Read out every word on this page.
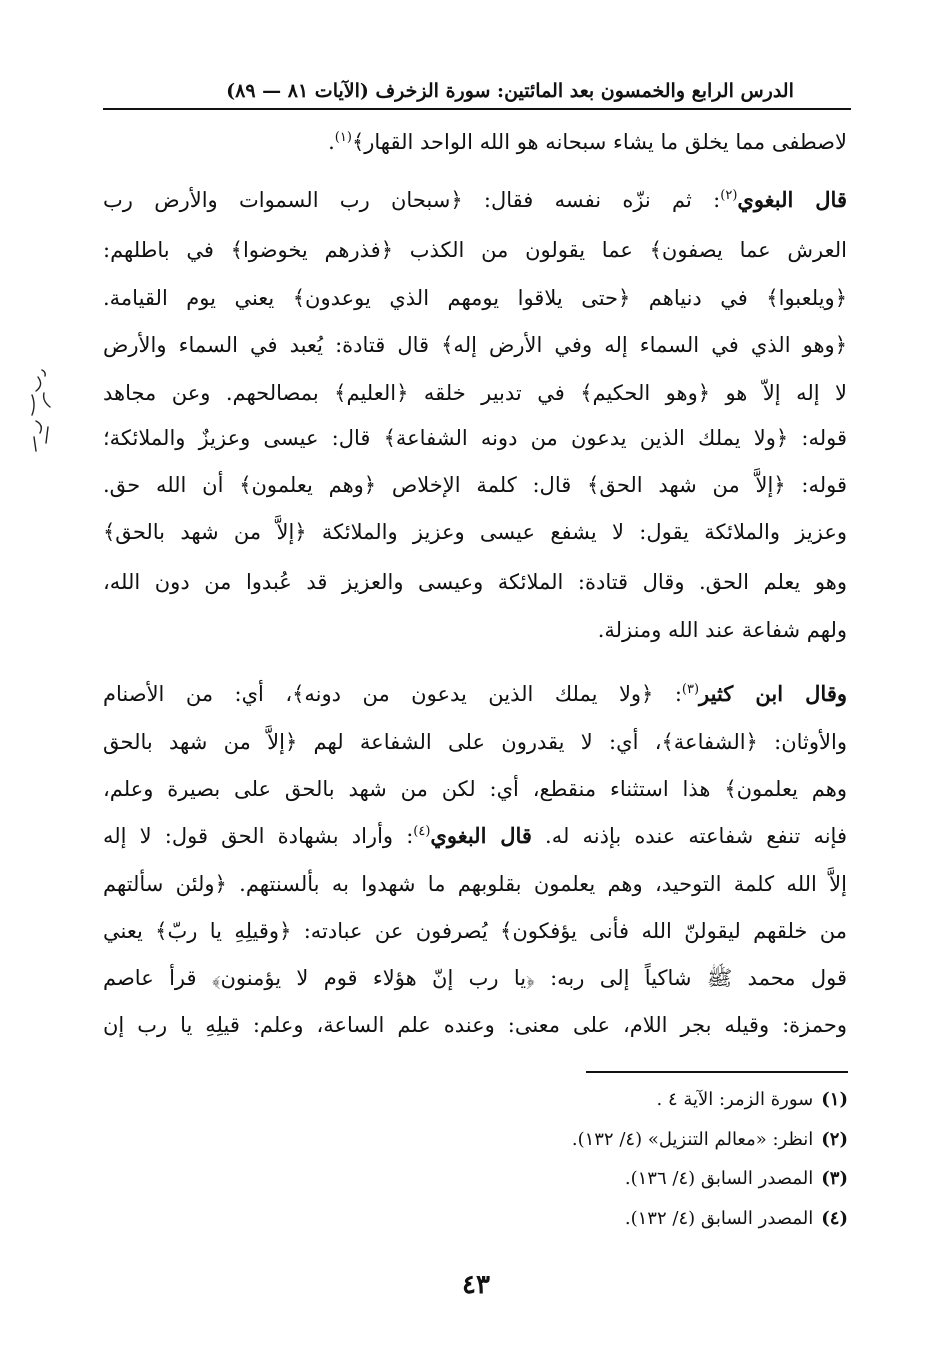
الدرس الرابع والخمسون بعد المائتين: سورة الزخرف (الآيات ٨١ — ٨٩)
لاصطفى مما يخلق ما يشاء سبحانه هو الله الواحد القهار﴾$^{(١)}$.
قال البغوي$^{(٢)}$: ثم نزّه نفسه فقال: ﴿سبحان رب السموات والأرض رب
العرش عما يصفون﴾ عما يقولون من الكذب ﴿فذرهم يخوضوا﴾ في باطلهم:
﴿ويلعبوا﴾ في دنياهم ﴿حتى يلاقوا يومهم الذي يوعدون﴾ يعني يوم القيامة.
﴿وهو الذي في السماء إله وفي الأرض إله﴾ قال قتادة: يُعبد في السماء والأرض
لا إله إلاّ هو ﴿وهو الحكيم﴾ في تدبير خلقه ﴿العليم﴾ بمصالحهم. وعن مجاهد
قوله: ﴿ولا يملك الذين يدعون من دونه الشفاعة﴾ قال: عيسى وعزيزٌ والملائكة؛
قوله: ﴿إلاَّ من شهد الحق﴾ قال: كلمة الإخلاص ﴿وهم يعلمون﴾ أن الله حق.
وعزيز والملائكة يقول: لا يشفع عيسى وعزيز والملائكة ﴿إلاَّ من شهد بالحق﴾
وهو يعلم الحق. وقال قتادة: الملائكة وعيسى والعزيز قد عُبدوا من دون الله،
ولهم شفاعة عند الله ومنزلة.
وقال ابن كثير$^{(٣)}$: ﴿ولا يملك الذين يدعون من دونه﴾، أي: من الأصنام
والأوثان: ﴿الشفاعة﴾، أي: لا يقدرون على الشفاعة لهم ﴿إلاَّ من شهد بالحق
وهم يعلمون﴾ هذا استثناء منقطع، أي: لكن من شهد بالحق على بصيرة وعلم،
فإنه تنفع شفاعته عنده بإذنه له. قال البغوي$^{(٤)}$: وأراد بشهادة الحق قول: لا إله
إلاَّ الله كلمة التوحيد، وهم يعلمون بقلوبهم ما شهدوا به بألسنتهم. ﴿ولئن سألتهم
من خلقهم ليقولنّ الله فأنى يؤفكون﴾ يُصرفون عن عبادته: ﴿وقيلِهِ يا ربّ﴾ يعني
قول محمد ﷺ شاكياً إلى ربه: ﴿يا رب إنّ هؤلاء قوم لا يؤمنون﴾ قرأ عاصم
وحمزة: وقيله بجر اللام، على معنى: وعنده علم الساعة، وعلم: قيلِهِ يا رب إن
(١)سورة الزمر: الآية ٤ .
(٢)انظر: «معالم التنزيل» (٤/ ١٣٢).
(٣)المصدر السابق (٤/ ١٣٦).
(٤)المصدر السابق (٤/ ١٣٢).
٤٣
